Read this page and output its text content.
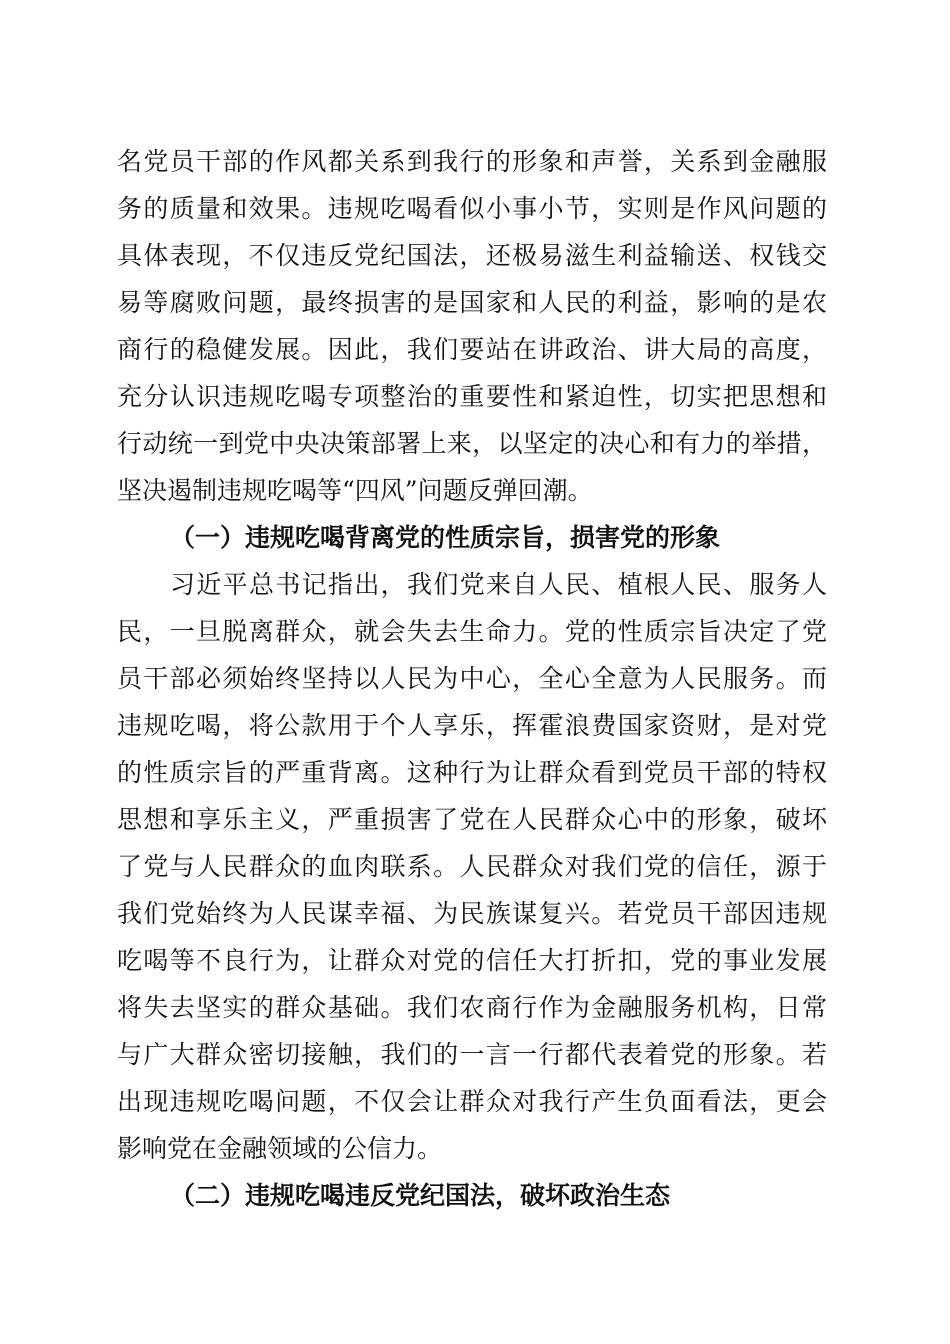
名党员干部的作风都关系到我行的形象和声誉，关系到金融服
务的质量和效果。违规吃喝看似小事小节，实则是作风问题的
具体表现，不仅违反党纪国法，还极易滋生利益输送、权钱交
易等腐败问题，最终损害的是国家和人民的利益，影响的是农
商行的稳健发展。因此，我们要站在讲政治、讲大局的高度，
充分认识违规吃喝专项整治的重要性和紧迫性，切实把思想和
行动统一到党中央决策部署上来，以坚定的决心和有力的举措，
坚决遏制违规吃喝等“四风”问题反弹回潮。
（一）违规吃喝背离党的性质宗旨，损害党的形象
习近平总书记指出，我们党来自人民、植根人民、服务人
民，一旦脱离群众，就会失去生命力。党的性质宗旨决定了党
员干部必须始终坚持以人民为中心，全心全意为人民服务。而
违规吃喝，将公款用于个人享乐，挥霍浪费国家资财，是对党
的性质宗旨的严重背离。这种行为让群众看到党员干部的特权
思想和享乐主义，严重损害了党在人民群众心中的形象，破坏
了党与人民群众的血肉联系。人民群众对我们党的信任，源于
我们党始终为人民谋幸福、为民族谋复兴。若党员干部因违规
吃喝等不良行为，让群众对党的信任大打折扣，党的事业发展
将失去坚实的群众基础。我们农商行作为金融服务机构，日常
与广大群众密切接触，我们的一言一行都代表着党的形象。若
出现违规吃喝问题，不仅会让群众对我行产生负面看法，更会
影响党在金融领域的公信力。
（二）违规吃喝违反党纪国法，破坏政治生态
